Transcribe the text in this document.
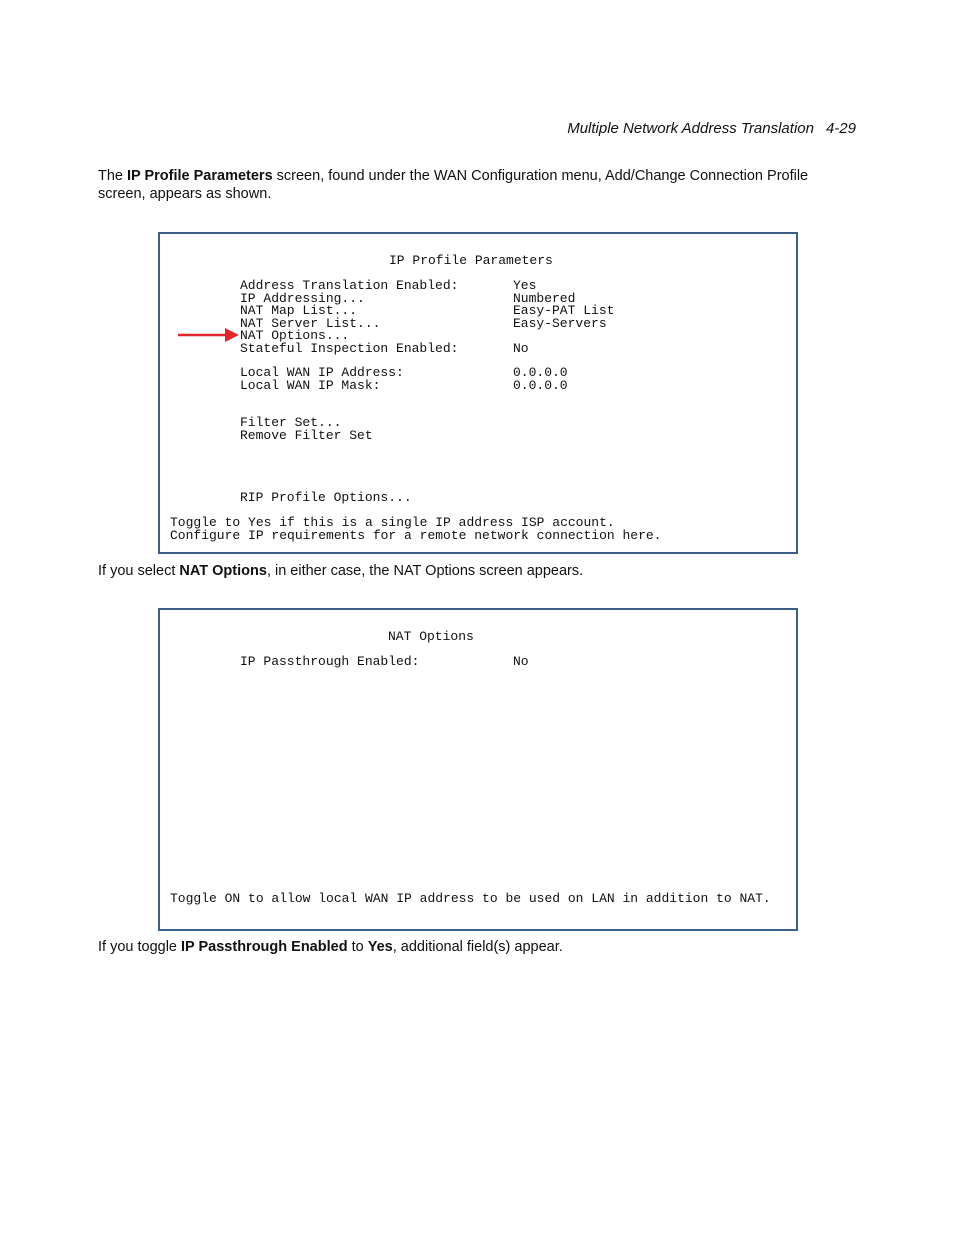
Multiple Network Address Translation 4-29
The IP Profile Parameters screen, found under the WAN Configuration menu, Add/Change Connection Profile screen, appears as shown.
IP Profile Parameters
Address Translation Enabled:	Yes
IP Addressing...	Numbered
NAT Map List...	Easy-PAT List
NAT Server List...	Easy-Servers
NAT Options...
Stateful Inspection Enabled:	No
Local WAN IP Address:	0.0.0.0
Local WAN IP Mask:	0.0.0.0
Filter Set...
Remove Filter Set
RIP Profile Options...
Toggle to Yes if this is a single IP address ISP account.
Configure IP requirements for a remote network connection here.
If you select NAT Options, in either case, the NAT Options screen appears.
NAT Options
IP Passthrough Enabled:	No
Toggle ON to allow local WAN IP address to be used on LAN in addition to NAT.
If you toggle IP Passthrough Enabled to Yes, additional field(s) appear.
